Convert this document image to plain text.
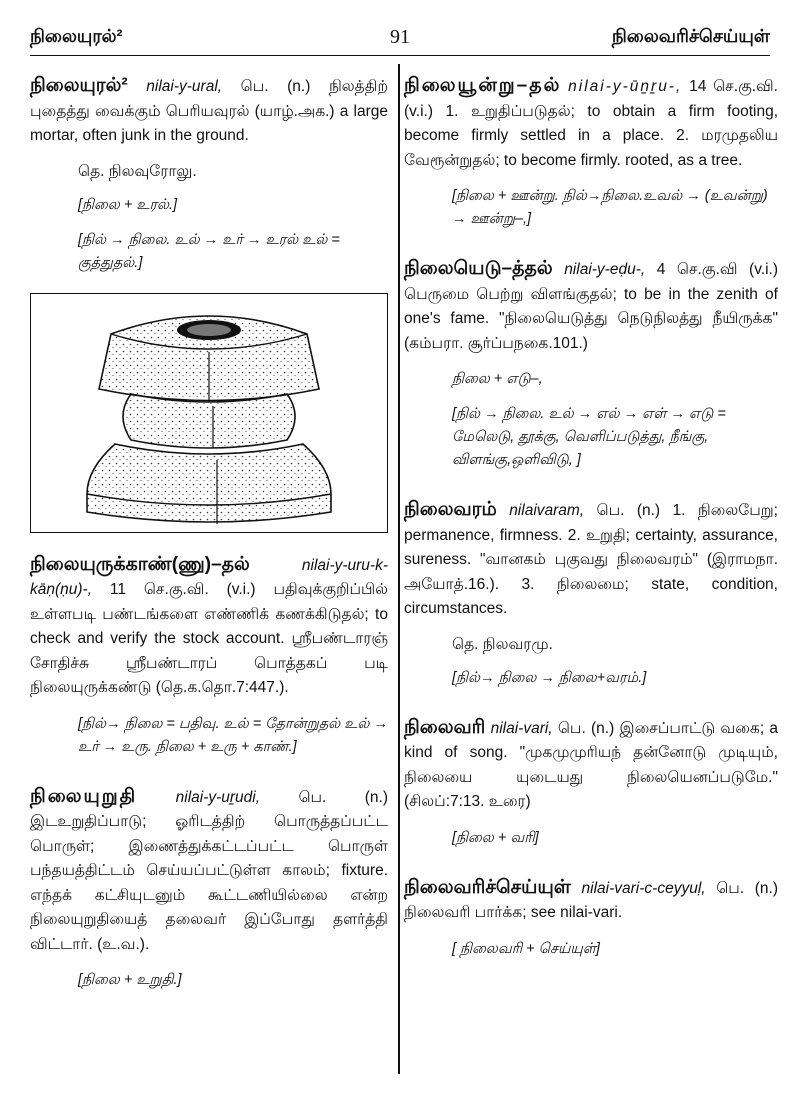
நிலையுரல்²	91	நிலைவரிச்செய்யுள்
நிலையுரல்² nilai-y-ural, பெ. (n.) நிலத்திற் புதைத்து வைக்கும் பெரியவுரல் (யாழ்.அக.) a large mortar, often junk in the ground.
தெ. நிலவுரோலு.
[நிலை + உரல்.]
[நில் → நிலை. உல் → உர் → உரல் உல் = குத்துதல்.]
நிலையுருக்காண்(ணு)–தல்	nilai-y-uru-k-kāṇ(ṇu)-, 11 செ.கு.வி. (v.i.) பதிவுக்குறிப்பில் உள்ளபடி பண்டங்களை எண்ணிக் கணக்கிடுதல்; to check and verify the stock account. ஸ்ரீபண்டாரஞ் சோதிச்சு ஸ்ரீபண்டாரப் பொத்தகப் படி நிலையுருக்கண்டு (தெ.க.தொ.7:447.).
[நில்→ நிலை = பதிவு. உல் = தோன்றுதல் உல் → உர் → உரு. நிலை + உரு + காண்.]
நிலையுறுதி nilai-y-uṟudi, பெ. (n.) இடஉறுதிப்பாடு; ஓரிடத்திற் பொருத்தப்பட்ட பொருள்; இணைத்துக்கட்டப்பட்ட பொருள் பந்தயத்திட்டம் செய்யப்பட்டுள்ள காலம்; fixture. எந்தக் கட்சியுடனும் கூட்டணியில்லை என்ற நிலையுறுதியைத் தலைவர் இப்போது தளர்த்தி விட்டார். (உ.வ.).
[நிலை + உறுதி.]
நிலையூன்று–தல் nilai-y-ūṉṟu-, 14 செ.கு.வி. (v.i.) 1. உறுதிப்படுதல்; to obtain a firm footing, become firmly settled in a place. 2. மரமுதலிய வேரூன்றுதல்; to become firmly. rooted, as a tree.
[நிலை + ஊன்று. நில்→நிலை.உவல் → (உவன்று) → ஊன்று–,]
நிலையெடு–த்தல் nilai-y-eḍu-, 4 செ.கு.வி (v.i.) பெருமை பெற்று விளங்குதல்; to be in the zenith of one's fame. "நிலையெடுத்து நெடுநிலத்து நீயிருக்க" (கம்பரா. சூர்ப்பநகை.101.)
நிலை + எடு–,
[நில் → நிலை. உல் → எல் → எள் → எடு = மேலெடு, தூக்கு, வெளிப்படுத்து, நீங்கு, விளங்கு,ஒளிவிடு, ]
நிலைவரம் nilaivaram, பெ. (n.) 1. நிலைபேறு; permanence, firmness. 2. உறுதி; certainty, assurance, sureness. "வானகம் புகுவது நிலைவரம்" (இராமநா. அயோத்.16.). 3. நிலைமை; state, condition, circumstances.
தெ. நிலவரமு.
[நில்→ நிலை → நிலை+வரம்.]
நிலைவரி nilai-vari, பெ. (n.) இசைப்பாட்டு வகை; a kind of song. "முகமுமுரியந் தன்னோடு முடியும், நிலையை யுடையது நிலையெனப்படுமே." (சிலப்:7:13. உரை)
[நிலை + வரி]
நிலைவரிச்செய்யுள் nilai-vari-c-ceyyuḷ, பெ. (n.) நிலைவரி பார்க்க; see nilai-vari.
[ நிலைவரி + செய்யுள்]
